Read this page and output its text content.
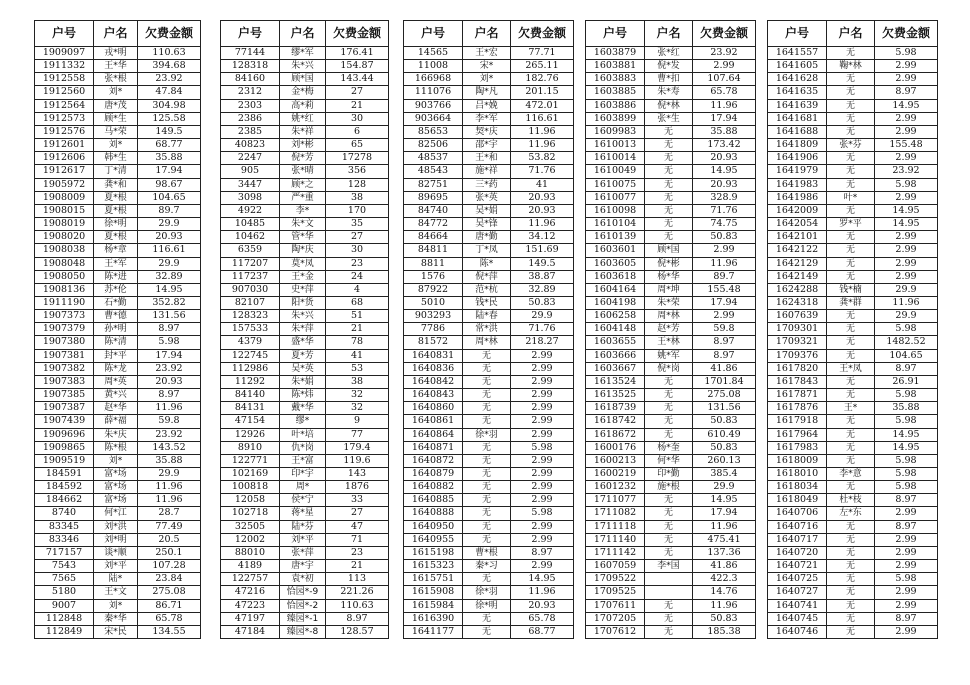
户号	户名	欠费金额
1909097	戎*明	110.63
1911332	王*华	394.68
1912558	张*根	23.92
1912560	刘*	47.84
1912564	唐*茂	304.98
1912573	顾*生	125.58
1912576	马*荣	149.5
1912601	刘*	68.77
1912606	韩*生	35.88
1912617	丁*清	17.94
1905972	龚*和	98.67
1908009	夏*根	104.65
1908015	夏*根	89.7
1908019	徐*明	29.9
1908020	夏*根	20.93
1908038	杨*章	116.61
1908048	王*军	29.9
1908050	陈*进	32.89
1908136	苏*伦	14.95
1911190	石*勤	352.82
1907373	曹*德	131.56
1907379	孙*明	8.97
1907380	陈*清	5.98
1907381	封*平	17.94
1907382	陈*龙	23.92
1907383	周*英	20.93
1907385	黄*兴	8.97
1907387	赵*华	11.96
1907439	薛*福	59.8
1909696	朱*庆	23.92
1909865	陈*根	143.52
1909519	刘*	35.88
184591	富*场	29.9
184592	富*场	11.96
184662	富*场	11.96
8740	何*江	28.7
83345	刘*洪	77.49
83346	刘*明	20.5
717157	谈*顺	250.1
7543	刘*平	107.28
7565	陆*	23.84
5180	王*文	275.08
9007	刘*	86.71
112848	秦*华	65.78
112849	宋*民	134.55
户号	户名	欠费金额
77144	缪*军	176.41
128318	朱*兴	154.87
84160	顾*国	143.44
2312	金*梅	27
2303	高*莉	21
2386	姚*红	30
2385	朱*祥	6
40823	刘*彬	65
2247	倪*芳	17278
905	张*晴	356
3447	顾*之	128
3098	严*重	38
4922	李*	170
10485	朱*文	35
10462	管*华	27
6359	陶*庆	30
117207	莫*凤	23
117237	王*金	24
907030	史*萍	4
82107	阳*货	68
128323	朱*兴	51
157533	朱*萍	21
4379	盛*华	78
122745	夏*芳	41
112986	吴*英	53
11292	朱*娟	38
84140	陈*炜	32
84131	戴*华	32
47154	缪*	9
12926	叶*培	77
8910	仇*岗	179.4
122771	王*富	119.6
102169	印*宇	143
100818	周*	1876
12058	侯*宁	33
102718	蒋*星	27
32505	陆*芬	47
12002	刘*平	71
88010	张*萍	23
4189	唐*宇	21
122757	袁*初	113
47216	恰园*-9	221.26
47223	恰园*-2	110.63
47197	臻园*-1	8.97
47184	臻园*-8	128.57
户号	户名	欠费金额
14565	王*宏	77.71
11008	宋*	265.11
166968	刘*	182.76
111076	陶*凡	201.15
903766	吕*娩	472.01
903664	李*军	116.61
85653	契*庆	11.96
82506	邵*宇	11.96
48537	王*和	53.82
48543	施*祥	71.76
82751	三*药	41
89695	张*英	20.93
84740	吴*娟	20.93
84772	吴*锋	11.96
84664	唐*勤	34.12
84811	丁*凤	151.69
8811	陈*	149.5
1576	倪*萍	38.87
87922	范*杭	32.89
5010	钱*民	50.83
903293	陆*春	29.9
7786	常*洪	71.76
81572	周*林	218.27
1640831	无	2.99
1640836	无	2.99
1640842	无	2.99
1640843	无	2.99
1640860	无	2.99
1640861	无	2.99
1640864	徐*羽	2.99
1640871	无	5.98
1640872	无	2.99
1640879	无	2.99
1640882	无	2.99
1640885	无	2.99
1640888	无	5.98
1640950	无	2.99
1640955	无	2.99
1615198	曹*根	8.97
1615323	秦*习	2.99
1615751	无	14.95
1615908	徐*羽	11.96
1615984	徐*明	20.93
1616390	无	65.78
1641177	无	68.77
户号	户名	欠费金额
1603879	张*红	23.92
1603881	倪*发	2.99
1603883	曹*扣	107.64
1603885	朱*寿	65.78
1603886	倪*林	11.96
1603899	张*生	17.94
1609983	无	35.88
1610013	无	173.42
1610014	无	20.93
1610049	无	14.95
1610075	无	20.93
1610077	无	328.9
1610098	无	71.76
1610104	无	74.75
1610139	无	50.83
1603601	顾*国	2.99
1603605	倪*彬	11.96
1603618	杨*华	89.7
1604164	周*坤	155.48
1604198	朱*荣	17.94
1606258	周*林	2.99
1604148	赵*芳	59.8
1603655	王*林	8.97
1603666	姚*军	8.97
1603667	倪*岗	41.86
1613524	无	1701.84
1613525	无	275.08
1618739	无	131.56
1618742	无	50.83
1618672	无	610.49
1600176	杨*奎	50.83
1600213	何*华	260.13
1600219	印*勤	385.4
1601232	施*根	29.9
1711077	无	14.95
1711082	无	17.94
1711118	无	11.96
1711140	无	475.41
1711142	无	137.36
1607059	李*国	41.86
1709522		422.3
1709525		14.76
1707611	无	11.96
1707205	无	50.83
1707612	无	185.38
户号	户名	欠费金额
1641557	无	5.98
1641605	鞠*林	2.99
1641628	无	2.99
1641635	无	8.97
1641639	无	14.95
1641681	无	2.99
1641688	无	2.99
1641809	张*芬	155.48
1641906	无	2.99
1641979	无	23.92
1641983	无	5.98
1641986	叶*	2.99
1642009	无	14.95
1642054	罗*平	14.95
1642101	无	2.99
1642122	无	2.99
1642129	无	2.99
1642149	无	2.99
1624288	钱*楠	29.9
1624318	龚*群	11.96
1607639	无	29.9
1709301	无	5.98
1709321	无	1482.52
1709376	无	104.65
1617820	王*凤	8.97
1617843	无	26.91
1617871	无	5.98
1617876	王*	35.88
1617918	无	5.98
1617964	无	14.95
1617983	无	14.95
1618009	无	5.98
1618010	李*意	5.98
1618034	无	5.98
1618049	杜*枝	8.97
1640706	左*东	2.99
1640716	无	8.97
1640717	无	2.99
1640720	无	2.99
1640721	无	2.99
1640725	无	5.98
1640727	无	2.99
1640741	无	2.99
1640745	无	8.97
1640746	无	2.99
